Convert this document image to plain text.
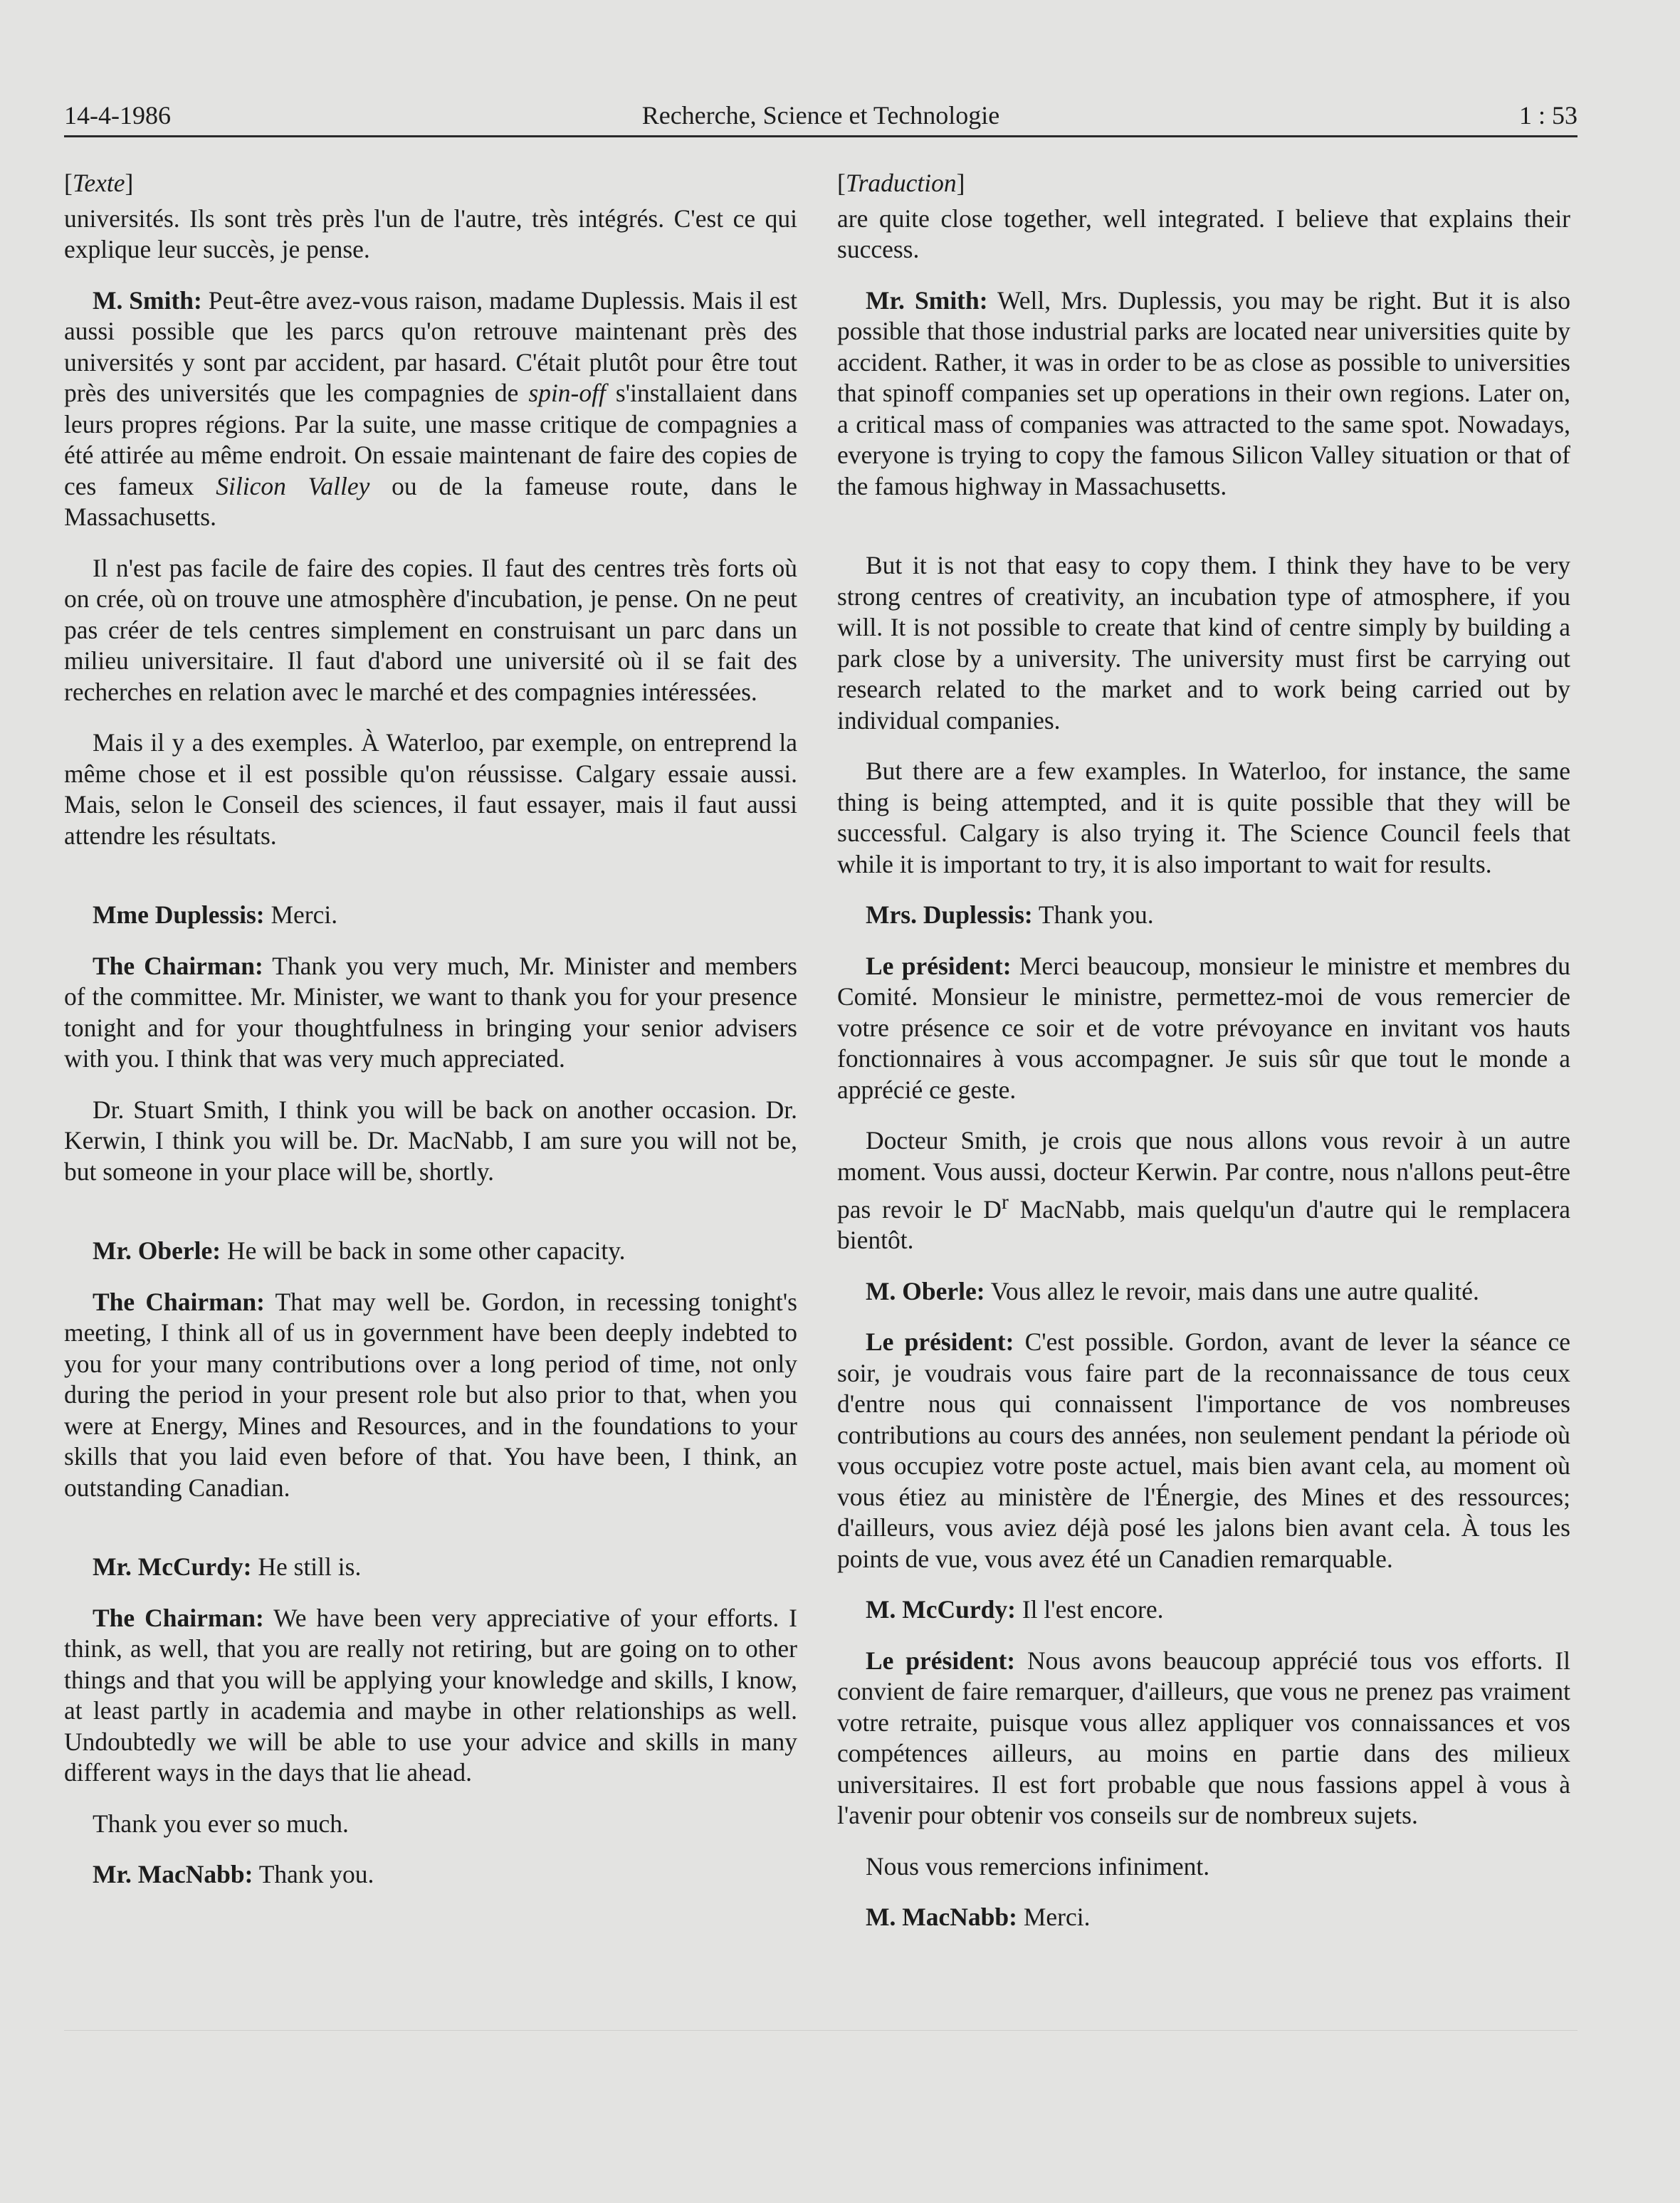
14-4-1986	Recherche, Science et Technologie	1 : 53

[Texte]

universités. Ils sont très près l'un de l'autre, très intégrés. C'est ce qui explique leur succès, je pense.

M. Smith: Peut-être avez-vous raison, madame Duplessis. Mais il est aussi possible que les parcs qu'on retrouve maintenant près des universités y sont par accident, par hasard. C'était plutôt pour être tout près des universités que les compagnies de spin-off s'installaient dans leurs propres régions. Par la suite, une masse critique de compagnies a été attirée au même endroit. On essaie maintenant de faire des copies de ces fameux Silicon Valley ou de la fameuse route, dans le Massachusetts.

Il n'est pas facile de faire des copies. Il faut des centres très forts où on crée, où on trouve une atmosphère d'incubation, je pense. On ne peut pas créer de tels centres simplement en construisant un parc dans un milieu universitaire. Il faut d'abord une université où il se fait des recherches en relation avec le marché et des compagnies intéressées.

Mais il y a des exemples. À Waterloo, par exemple, on entreprend la même chose et il est possible qu'on réussisse. Calgary essaie aussi. Mais, selon le Conseil des sciences, il faut essayer, mais il faut aussi attendre les résultats.

Mme Duplessis: Merci.

The Chairman: Thank you very much, Mr. Minister and members of the committee. Mr. Minister, we want to thank you for your presence tonight and for your thoughtfulness in bringing your senior advisers with you. I think that was very much appreciated.

Dr. Stuart Smith, I think you will be back on another occasion. Dr. Kerwin, I think you will be. Dr. MacNabb, I am sure you will not be, but someone in your place will be, shortly.

Mr. Oberle: He will be back in some other capacity.

The Chairman: That may well be. Gordon, in recessing tonight's meeting, I think all of us in government have been deeply indebted to you for your many contributions over a long period of time, not only during the period in your present role but also prior to that, when you were at Energy, Mines and Resources, and in the foundations to your skills that you laid even before of that. You have been, I think, an outstanding Canadian.

Mr. McCurdy: He still is.

The Chairman: We have been very appreciative of your efforts. I think, as well, that you are really not retiring, but are going on to other things and that you will be applying your knowledge and skills, I know, at least partly in academia and maybe in other relationships as well. Undoubtedly we will be able to use your advice and skills in many different ways in the days that lie ahead.

Thank you ever so much.

Mr. MacNabb: Thank you.

[Traduction]

are quite close together, well integrated. I believe that explains their success.

Mr. Smith: Well, Mrs. Duplessis, you may be right. But it is also possible that those industrial parks are located near universities quite by accident. Rather, it was in order to be as close as possible to universities that spinoff companies set up operations in their own regions. Later on, a critical mass of companies was attracted to the same spot. Nowadays, everyone is trying to copy the famous Silicon Valley situation or that of the famous highway in Massachusetts.

But it is not that easy to copy them. I think they have to be very strong centres of creativity, an incubation type of atmosphere, if you will. It is not possible to create that kind of centre simply by building a park close by a university. The university must first be carrying out research related to the market and to work being carried out by individual companies.

But there are a few examples. In Waterloo, for instance, the same thing is being attempted, and it is quite possible that they will be successful. Calgary is also trying it. The Science Council feels that while it is important to try, it is also important to wait for results.

Mrs. Duplessis: Thank you.

Le président: Merci beaucoup, monsieur le ministre et membres du Comité. Monsieur le ministre, permettez-moi de vous remercier de votre présence ce soir et de votre prévoyance en invitant vos hauts fonctionnaires à vous accompagner. Je suis sûr que tout le monde a apprécié ce geste.

Docteur Smith, je crois que nous allons vous revoir à un autre moment. Vous aussi, docteur Kerwin. Par contre, nous n'allons peut-être pas revoir le $D^r$ MacNabb, mais quelqu'un d'autre qui le remplacera bientôt.

M. Oberle: Vous allez le revoir, mais dans une autre qualité.

Le président: C'est possible. Gordon, avant de lever la séance ce soir, je voudrais vous faire part de la reconnaissance de tous ceux d'entre nous qui connaissent l'importance de vos nombreuses contributions au cours des années, non seulement pendant la période où vous occupiez votre poste actuel, mais bien avant cela, au moment où vous étiez au ministère de l'Énergie, des Mines et des ressources; d'ailleurs, vous aviez déjà posé les jalons bien avant cela. À tous les points de vue, vous avez été un Canadien remarquable.

M. McCurdy: Il l'est encore.

Le président: Nous avons beaucoup apprécié tous vos efforts. Il convient de faire remarquer, d'ailleurs, que vous ne prenez pas vraiment votre retraite, puisque vous allez appliquer vos connaissances et vos compétences ailleurs, au moins en partie dans des milieux universitaires. Il est fort probable que nous fassions appel à vous à l'avenir pour obtenir vos conseils sur de nombreux sujets.

Nous vous remercions infiniment.

M. MacNabb: Merci.
